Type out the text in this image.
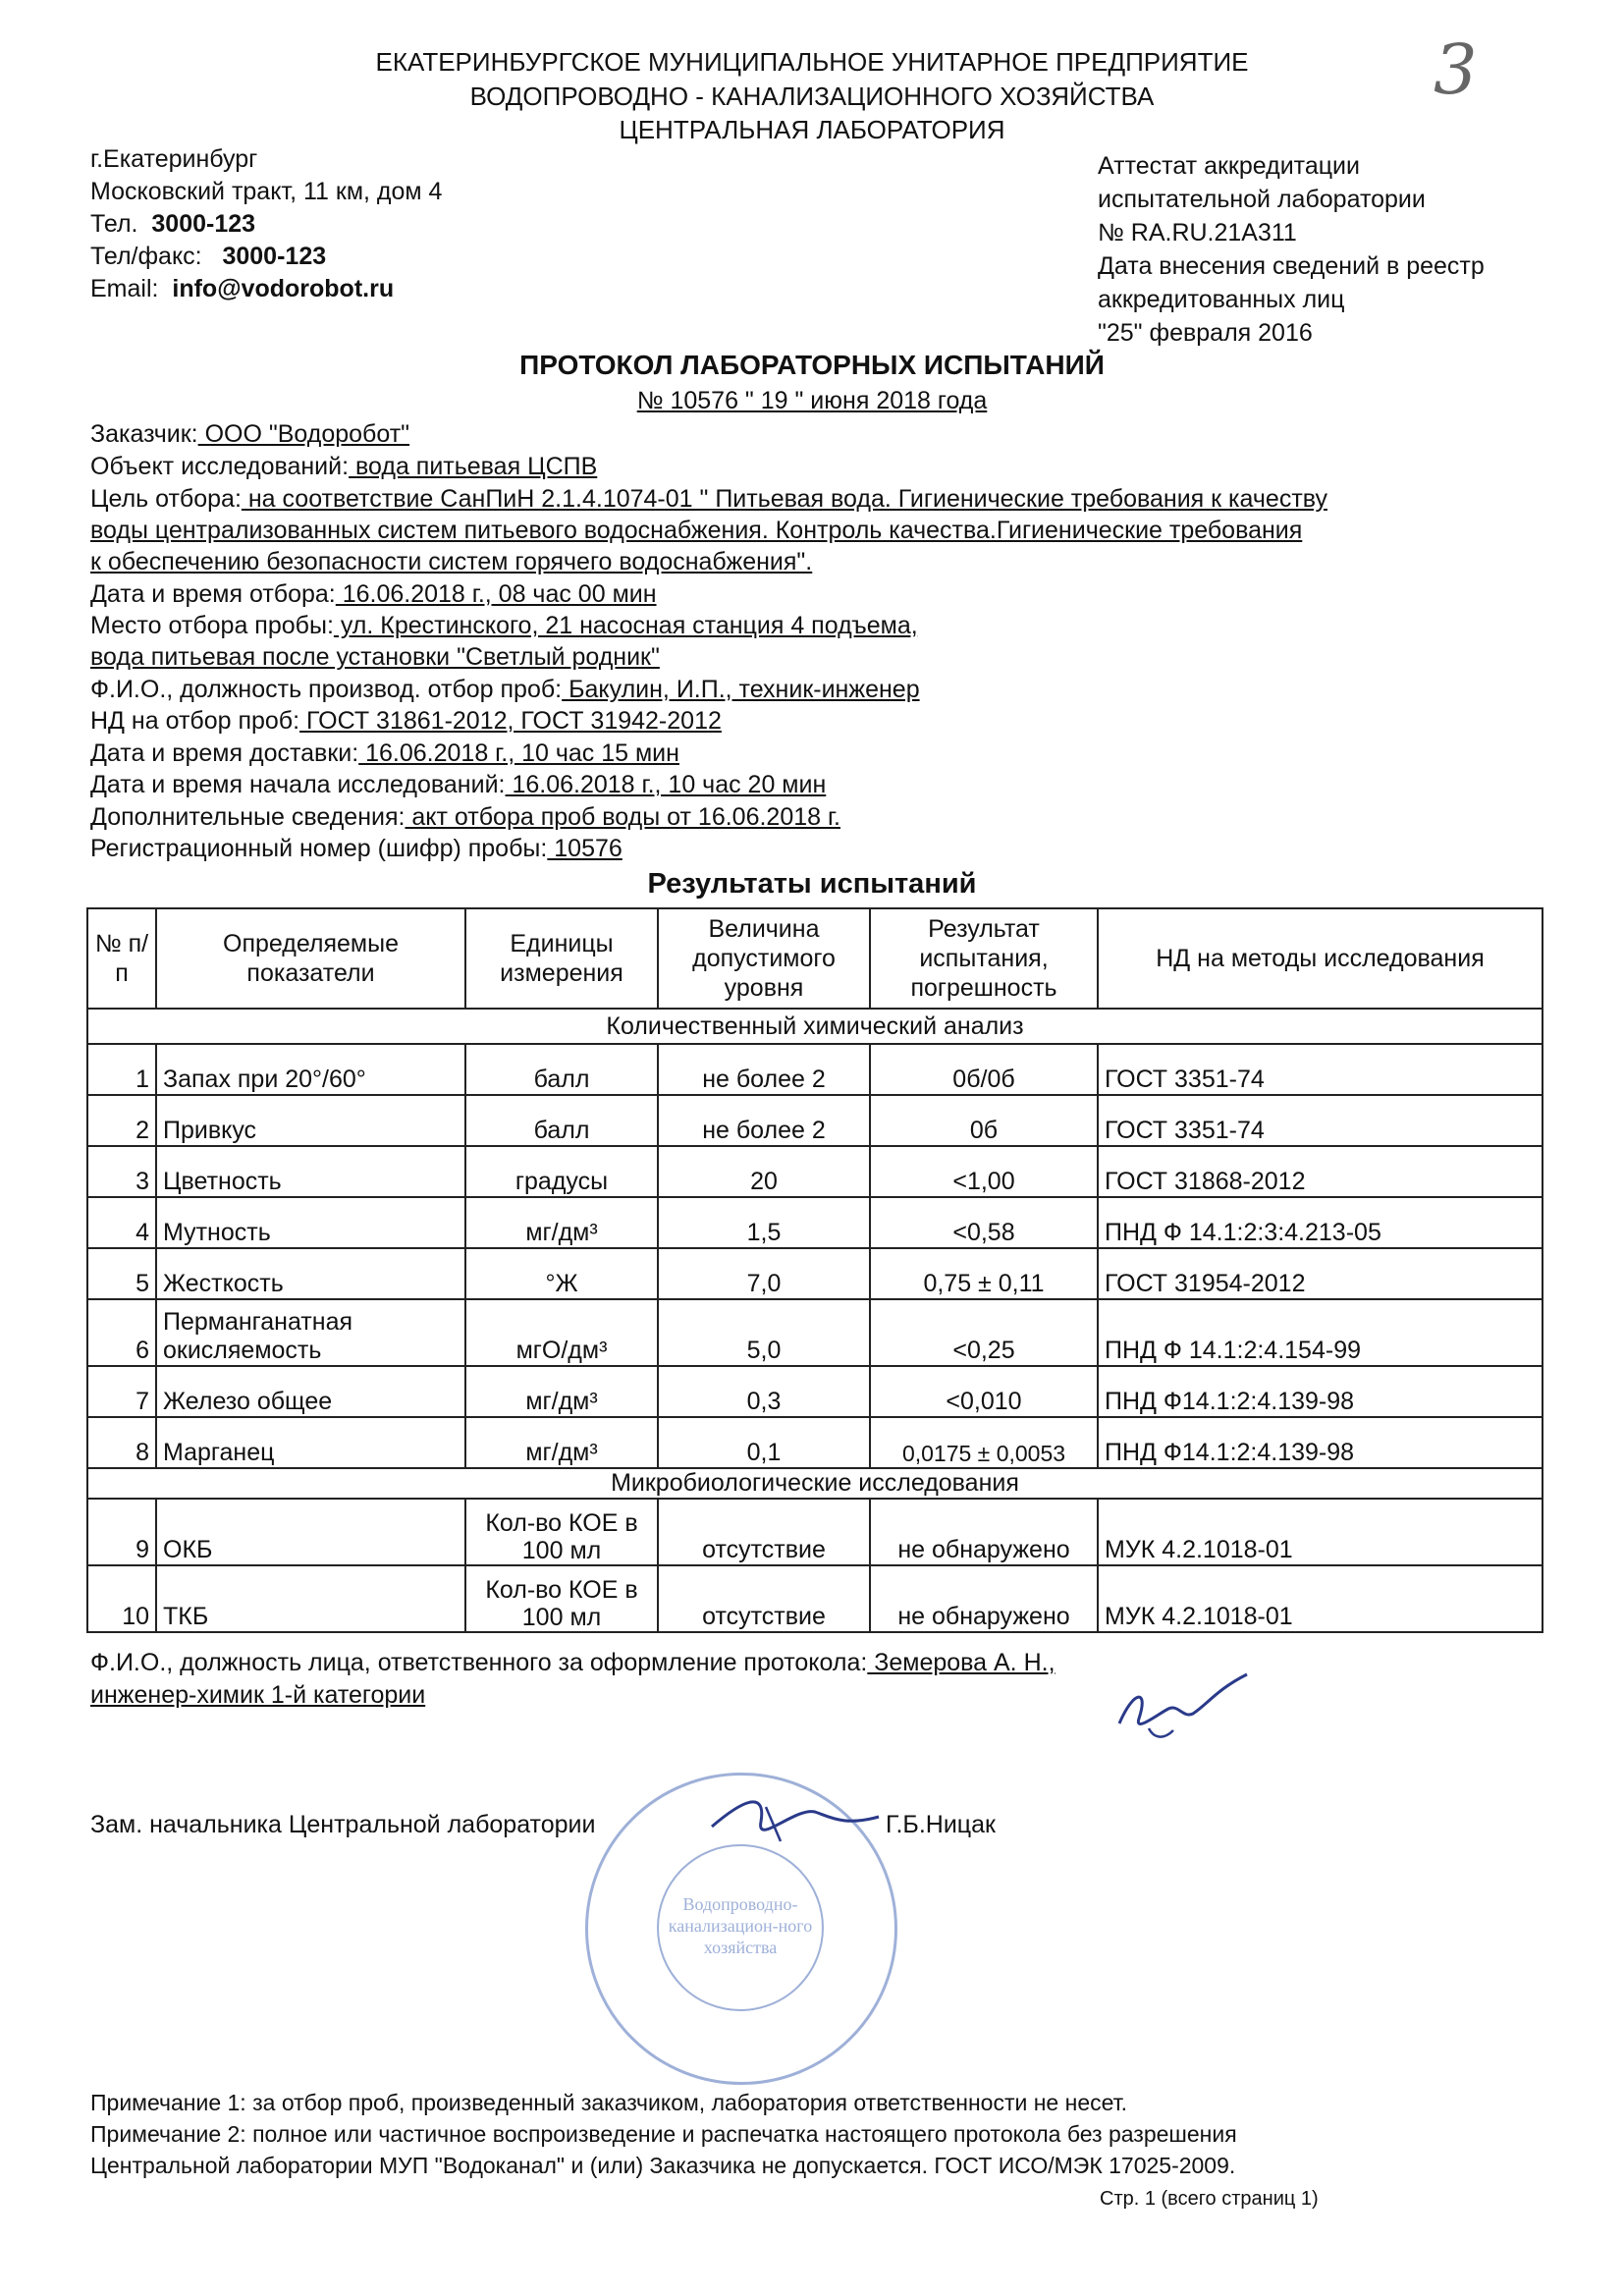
3
ЕКАТЕРИНБУРГСКОЕ МУНИЦИПАЛЬНОЕ УНИТАРНОЕ ПРЕДПРИЯТИЕ
ВОДОПРОВОДНО - КАНАЛИЗАЦИОННОГО ХОЗЯЙСТВА
ЦЕНТРАЛЬНАЯ ЛАБОРАТОРИЯ
г.Екатеринбург
Московский тракт, 11 км, дом 4
Тел. 3000-123
Тел/факс: 3000-123
Email: info@vodorobot.ru
Аттестат аккредитации
испытательной лаборатории
№ RA.RU.21A311
Дата внесения сведений в реестр
аккредитованных лиц
"25" февраля 2016
ПРОТОКОЛ ЛАБОРАТОРНЫХ ИСПЫТАНИЙ
№ 10576 " 19 " июня 2018 года
Заказчик: ООО "Водоробот"
Объект исследований: вода питьевая ЦСПВ
Цель отбора: на соответствие СанПиН 2.1.4.1074-01 " Питьевая вода. Гигиенические требования к качеству
воды централизованных систем питьевого водоснабжения. Контроль качества.Гигиенические требования
к обеспечению безопасности систем горячего водоснабжения".
Дата и время отбора: 16.06.2018 г., 08 час 00 мин
Место отбора пробы: ул. Крестинского, 21 насосная станция 4 подъема,
вода питьевая после установки "Светлый родник"
Ф.И.О., должность производ. отбор проб: Бакулин, И.П., техник-инженер
НД на отбор проб: ГОСТ 31861-2012, ГОСТ 31942-2012
Дата и время доставки: 16.06.2018 г., 10 час 15 мин
Дата и время начала исследований: 16.06.2018 г., 10 час 20 мин
Дополнительные сведения: акт отбора проб воды от 16.06.2018 г.
Регистрационный номер (шифр) пробы: 10576
Результаты испытаний
№ п/п	Определяемые показатели	Единицы измерения	Величина допустимого уровня	Результат испытания, погрешность	НД на методы исследования
Количественный химический анализ					
1	Запах при 20°/60°	балл	не более 2	0б/0б	ГОСТ 3351-74
2	Привкус	балл	не более 2	0б	ГОСТ 3351-74
3	Цветность	градусы	20	<1,00	ГОСТ 31868-2012
4	Мутность	мг/дм³	1,5	<0,58	ПНД Ф 14.1:2:3:4.213-05
5	Жесткость	°Ж	7,0	0,75 ± 0,11	ГОСТ 31954-2012
6	Перманганатная окисляемость	мгО/дм³	5,0	<0,25	ПНД Ф 14.1:2:4.154-99
7	Железо общее	мг/дм³	0,3	<0,010	ПНД Ф14.1:2:4.139-98
8	Марганец	мг/дм³	0,1	0,0175 ± 0,0053	ПНД Ф14.1:2:4.139-98
Микробиологические исследования					
9	ОКБ	Кол-во КОЕ в 100 мл	отсутствие	не обнаружено	МУК 4.2.1018-01
10	ТКБ	Кол-во КОЕ в 100 мл	отсутствие	не обнаружено	МУК 4.2.1018-01
Ф.И.О., должность лица, ответственного за оформление протокола: Земерова А. Н.,
инженер-химик 1-й категории
Зам. начальника Центральной лаборатории	Г.Б.Ницак
Водопроводно-канализацион-ного хозяйства
Примечание 1: за отбор проб, произведенный заказчиком, лаборатория ответственности не несет.
Примечание 2: полное или частичное воспроизведение и распечатка настоящего протокола без разрешения
Центральной лаборатории МУП "Водоканал" и (или) Заказчика не допускается. ГОСТ ИСО/МЭК 17025-2009.
Стр. 1 (всего страниц 1)
